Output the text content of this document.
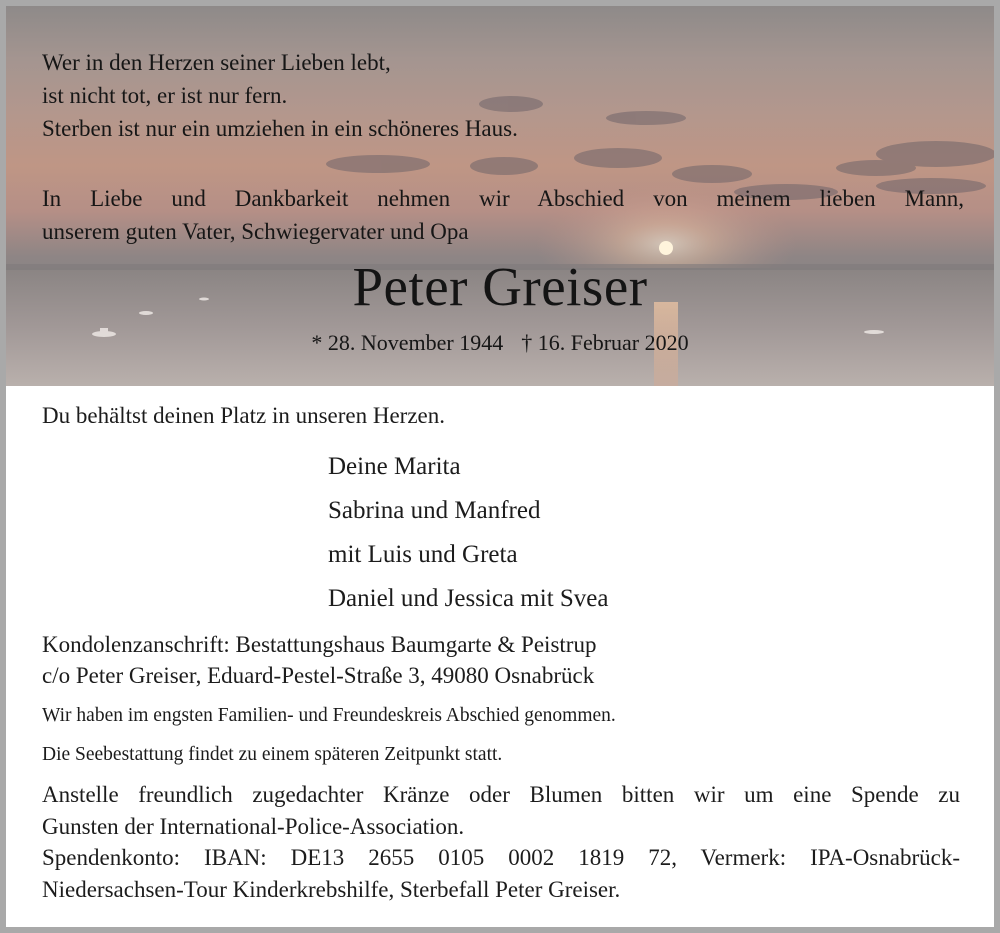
Wer in den Herzen seiner Lieben lebt,
ist nicht tot, er ist nur fern.
Sterben ist nur ein umziehen in ein schöneres Haus.
In Liebe und Dankbarkeit nehmen wir Abschied von meinem lieben Mann,
unserem guten Vater, Schwiegervater und Opa
Peter Greiser
* 28. November 1944 † 16. Februar 2020
Du behältst deinen Platz in unseren Herzen.
Deine Marita
Sabrina und Manfred
mit Luis und Greta
Daniel und Jessica mit Svea
Kondolenzanschrift: Bestattungshaus Baumgarte & Peistrup
c/o Peter Greiser, Eduard-Pestel-Straße 3, 49080 Osnabrück
Wir haben im engsten Familien- und Freundeskreis Abschied genommen.
Die Seebestattung findet zu einem späteren Zeitpunkt statt.
Anstelle freundlich zugedachter Kränze oder Blumen bitten wir um eine Spende zu
Gunsten der International-Police-Association.
Spendenkonto: IBAN: DE13 2655 0105 0002 1819 72, Vermerk: IPA-Osnabrück-
Niedersachsen-Tour Kinderkrebshilfe, Sterbefall Peter Greiser.
